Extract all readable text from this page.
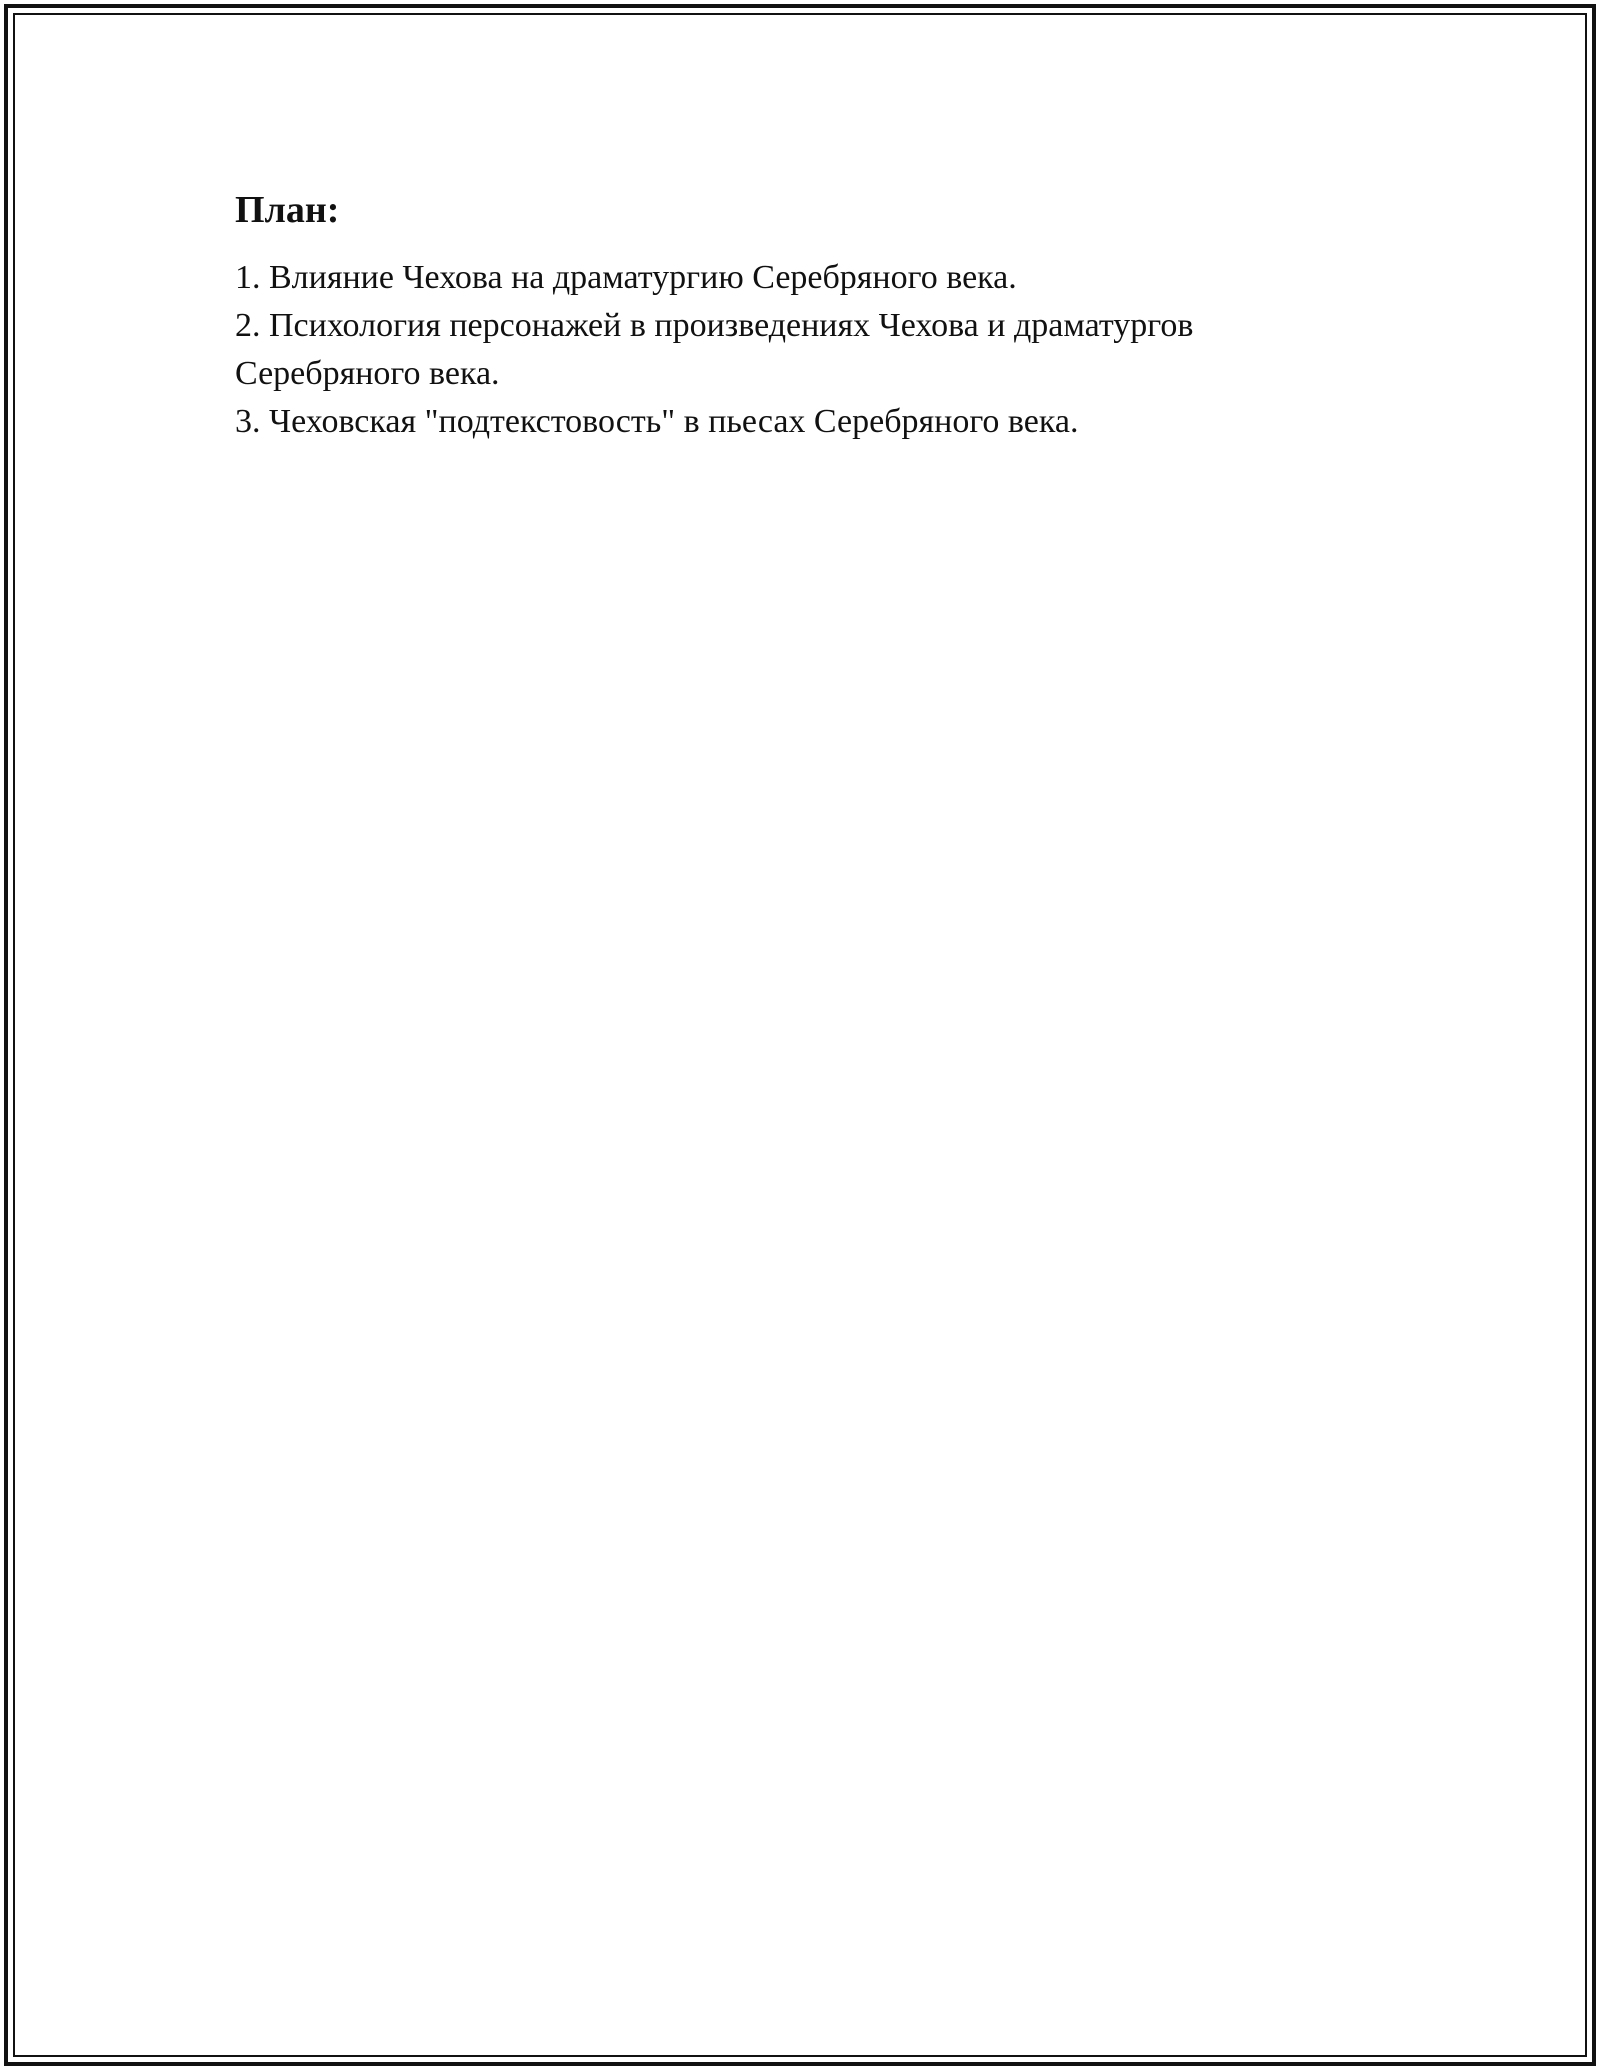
План:
1. Влияние Чехова на драматургию Серебряного века.
2. Психология персонажей в произведениях Чехова и драматургов Серебряного века.
3. Чеховская "подтекстовость" в пьесах Серебряного века.
